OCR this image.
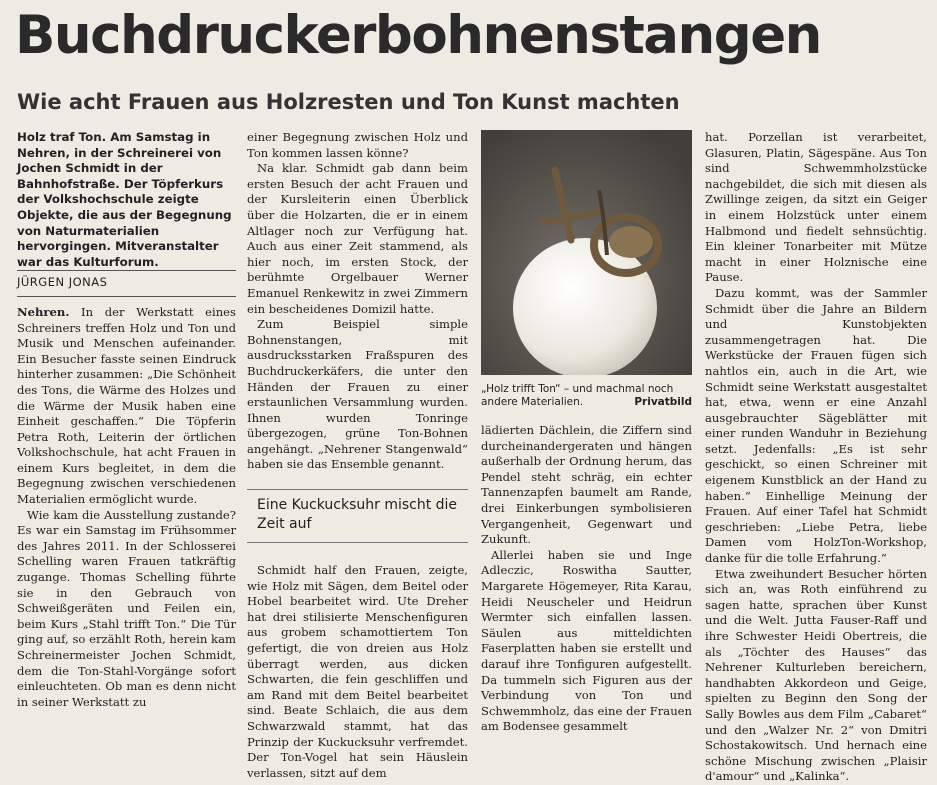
Buchdruckerbohnenstangen
Wie acht Frauen aus Holzresten und Ton Kunst machten

Holz traf Ton. Am Samstag in Nehren, in der Schreinerei von Jochen Schmidt in der Bahnhofstraße. Der Töpferkurs der Volkshochschule zeigte Objekte, die aus der Begegnung von Naturmaterialien hervorgingen. Mitveranstalter war das Kulturforum.

JÜRGEN JONAS

Nehren. In der Werkstatt eines Schreiners treffen Holz und Ton und Musik und Menschen aufeinander. Ein Besucher fasste seinen Eindruck hinterher zusammen: „Die Schönheit des Tons, die Wärme des Holzes und die Wärme der Musik haben eine Einheit geschaffen.“ Die Töpferin Petra Roth, Leiterin der örtlichen Volkshochschule, hat acht Frauen in einem Kurs begleitet, in dem die Begegnung zwischen verschiedenen Materialien ermöglicht wurde.

Wie kam die Ausstellung zustande? Es war ein Samstag im Frühsommer des Jahres 2011. In der Schlosserei Schelling waren Frauen tatkräftig zugange. Thomas Schelling führte sie in den Gebrauch von Schweißgeräten und Feilen ein, beim Kurs „Stahl trifft Ton.“ Die Tür ging auf, so erzählt Roth, herein kam Schreinermeister Jochen Schmidt, dem die Ton-Stahl-Vorgänge sofort einleuchteten. Ob man es denn nicht in seiner Werkstatt zu

einer Begegnung zwischen Holz und Ton kommen lassen könne?

Na klar. Schmidt gab dann beim ersten Besuch der acht Frauen und der Kursleiterin einen Überblick über die Holzarten, die er in einem Altlager noch zur Verfügung hat. Auch aus einer Zeit stammend, als hier noch, im ersten Stock, der berühmte Orgelbauer Werner Emanuel Renkewitz in zwei Zimmern ein bescheidenes Domizil hatte.

Zum Beispiel simple Bohnenstangen, mit ausdrucksstarken Fraßspuren des Buchdruckerkäfers, die unter den Händen der Frauen zu einer erstaunlichen Versammlung wurden. Ihnen wurden Tonringe übergezogen, grüne Ton-Bohnen angehängt. „Nehrener Stangenwald“ haben sie das Ensemble genannt.

Eine Kuckucksuhr mischt die Zeit auf

Schmidt half den Frauen, zeigte, wie Holz mit Sägen, dem Beitel oder Hobel bearbeitet wird. Ute Dreher hat drei stilisierte Menschenfiguren aus grobem schamottiertem Ton gefertigt, die von dreien aus Holz überragt werden, aus dicken Schwarten, die fein geschliffen und am Rand mit dem Beitel bearbeitet sind. Beate Schlaich, die aus dem Schwarzwald stammt, hat das Prinzip der Kuckucksuhr verfremdet. Der Ton-Vogel hat sein Häuslein verlassen, sitzt auf dem

„Holz trifft Ton“ – und machmal noch andere Materialien.	Privatbild

lädierten Dächlein, die Ziffern sind durcheinandergeraten und hängen außerhalb der Ordnung herum, das Pendel steht schräg, ein echter Tannenzapfen baumelt am Rande, drei Einkerbungen symbolisieren Vergangenheit, Gegenwart und Zukunft.

Allerlei haben sie und Inge Adleczic, Roswitha Sautter, Margarete Högemeyer, Rita Karau, Heidi Neuscheler und Heidrun Wermter sich einfallen lassen. Säulen aus mitteldichten Faserplatten haben sie erstellt und darauf ihre Tonfiguren aufgestellt. Da tummeln sich Figuren aus der Verbindung von Ton und Schwemmholz, das eine der Frauen am Bodensee gesammelt

hat. Porzellan ist verarbeitet, Glasuren, Platin, Sägespäne. Aus Ton sind Schwemmholzstücke nachgebildet, die sich mit diesen als Zwillinge zeigen, da sitzt ein Geiger in einem Holzstück unter einem Halbmond und fiedelt sehnsüchtig. Ein kleiner Tonarbeiter mit Mütze macht in einer Holznische eine Pause.

Dazu kommt, was der Sammler Schmidt über die Jahre an Bildern und Kunstobjekten zusammengetragen hat. Die Werkstücke der Frauen fügen sich nahtlos ein, auch in die Art, wie Schmidt seine Werkstatt ausgestaltet hat, etwa, wenn er eine Anzahl ausgebrauchter Sägeblätter mit einer runden Wanduhr in Beziehung setzt. Jedenfalls: „Es ist sehr geschickt, so einen Schreiner mit eigenem Kunstblick an der Hand zu haben.“ Einhellige Meinung der Frauen. Auf einer Tafel hat Schmidt geschrieben: „Liebe Petra, liebe Damen vom HolzTon-Workshop, danke für die tolle Erfahrung.“

Etwa zweihundert Besucher hörten sich an, was Roth einführend zu sagen hatte, sprachen über Kunst und die Welt. Jutta Fauser-Raff und ihre Schwester Heidi Obertreis, die als „Töchter des Hauses“ das Nehrener Kulturleben bereichern, handhabten Akkordeon und Geige, spielten zu Beginn den Song der Sally Bowles aus dem Film „Cabaret“ und den „Walzer Nr. 2“ von Dmitri Schostakowitsch. Und hernach eine schöne Mischung zwischen „Plaisir d'amour“ und „Kalinka“.
